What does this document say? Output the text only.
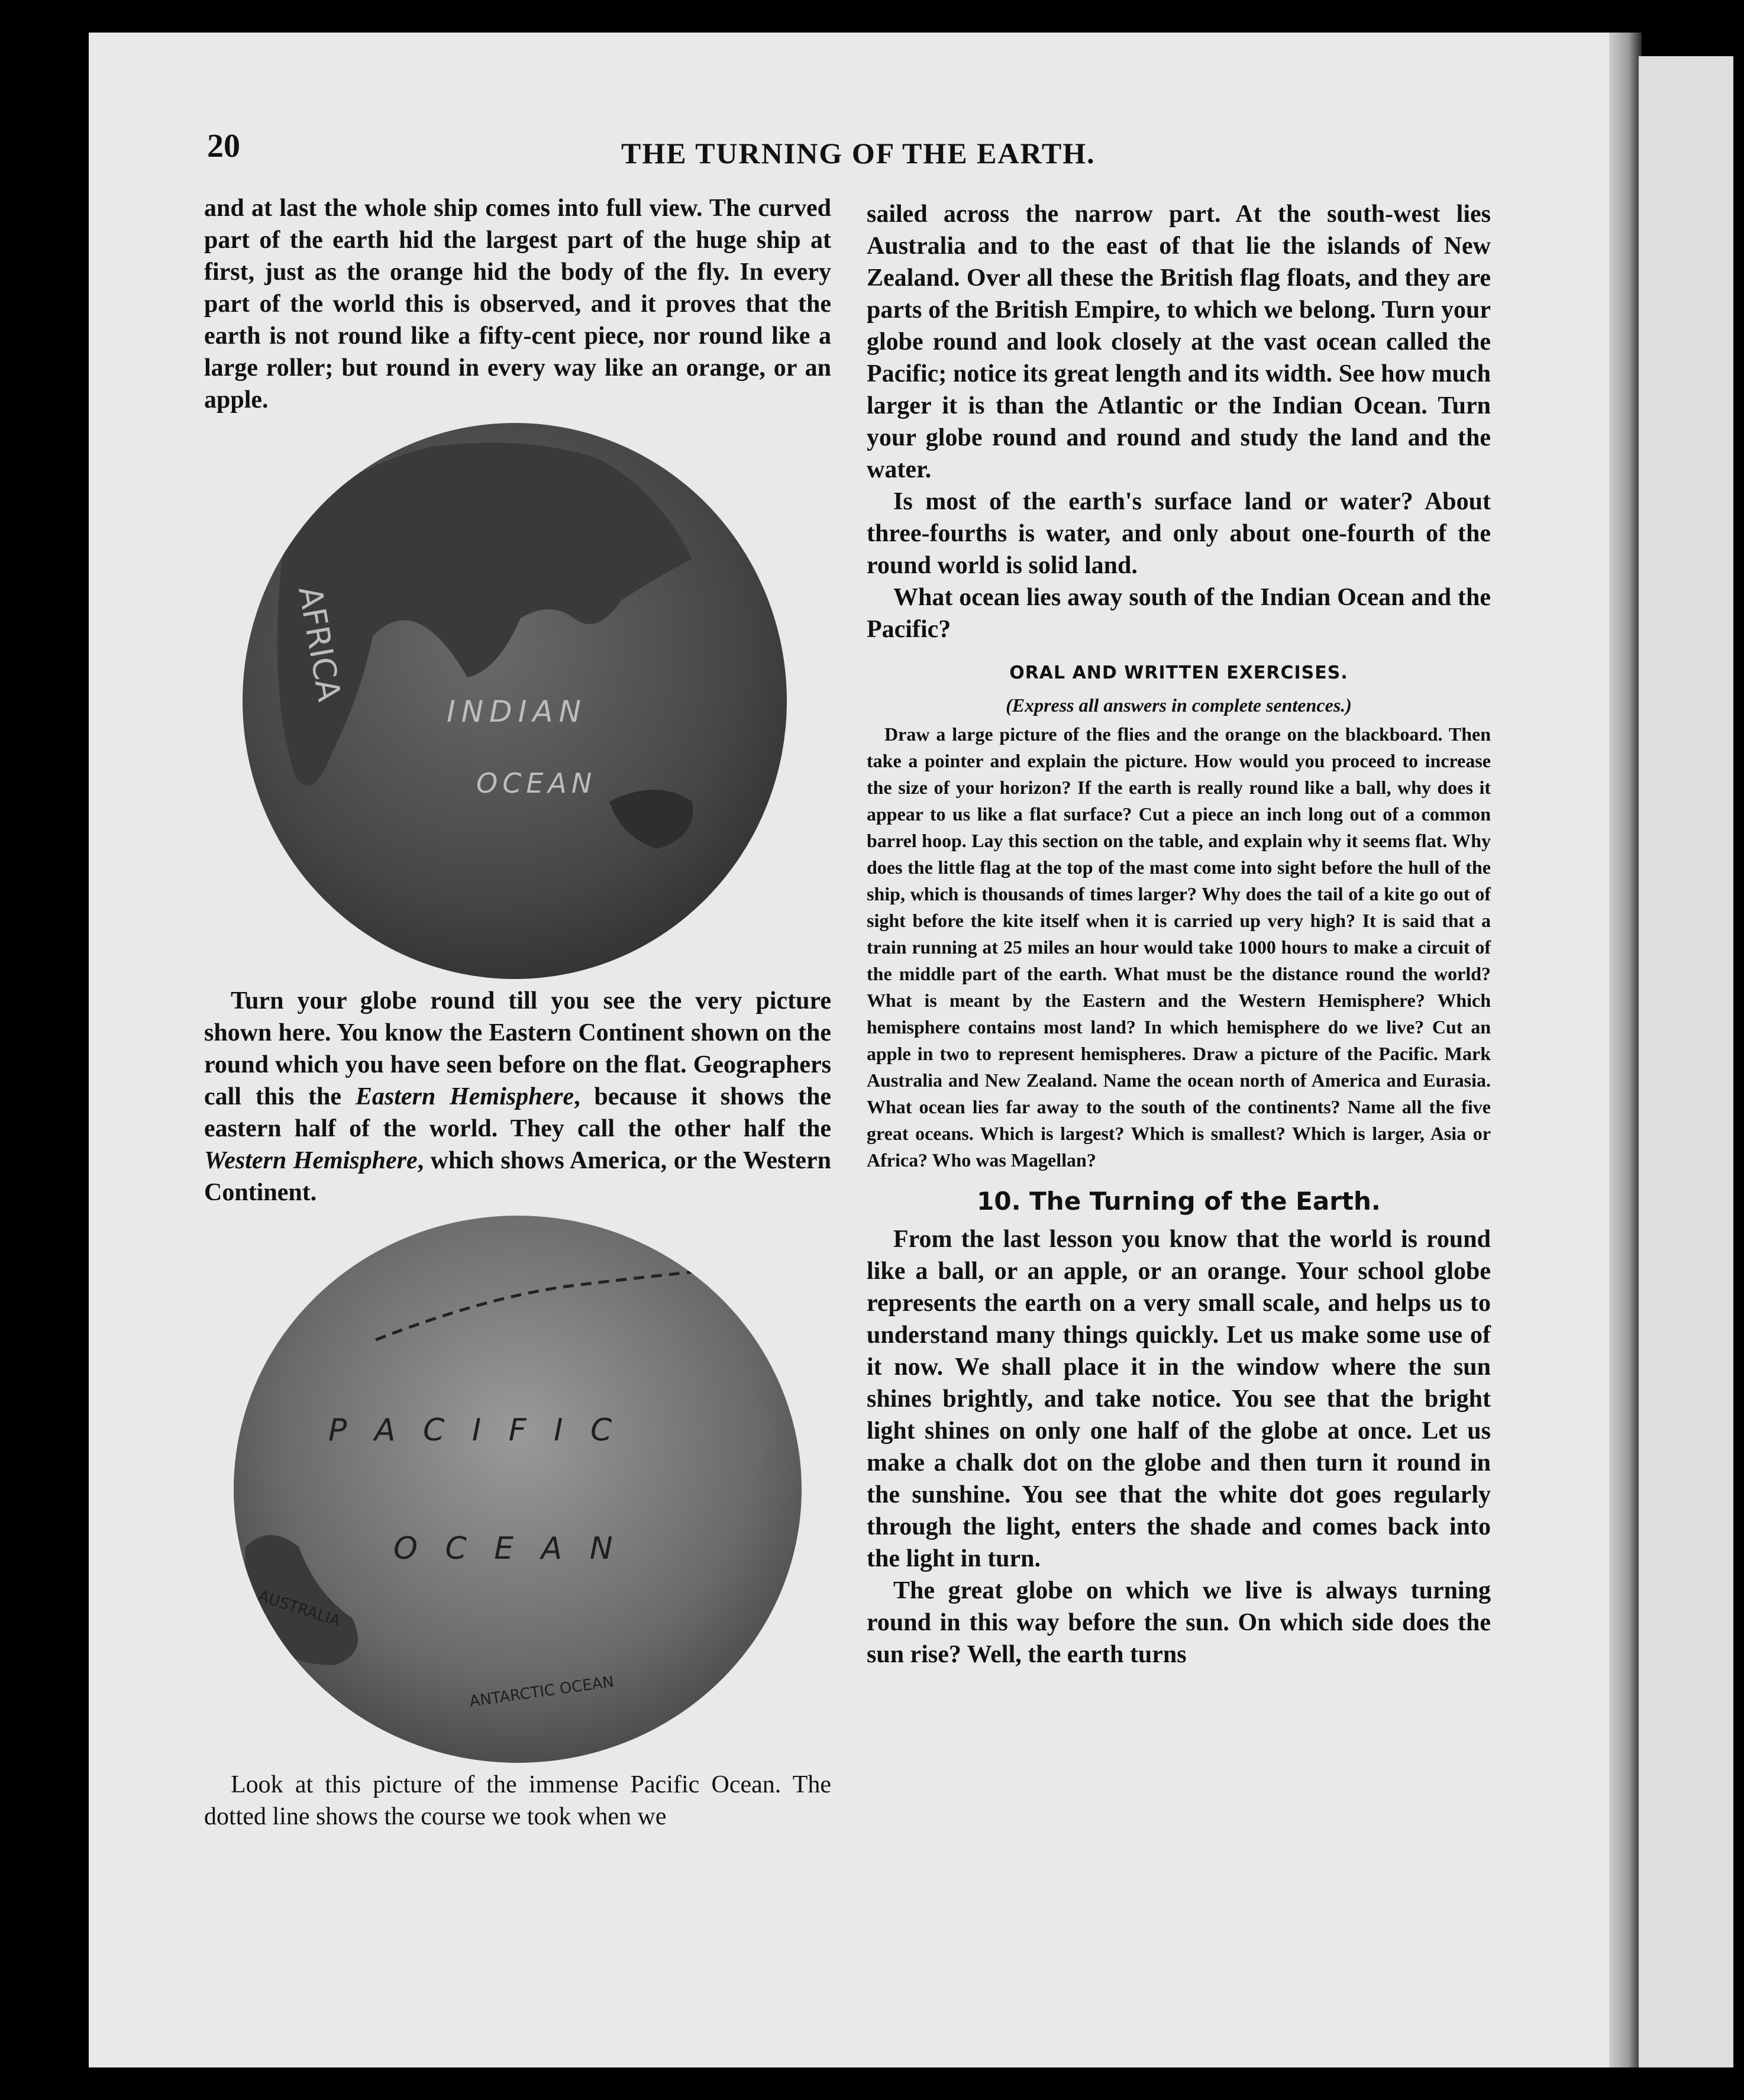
20	THE TURNING OF THE EARTH.

and at last the whole ship comes into full view. The curved part of the earth hid the largest part of the huge ship at first, just as the orange hid the body of the fly. In every part of the world this is observed, and it proves that the earth is not round like a fifty-cent piece, nor round like a large roller; but round in every way like an orange, or an apple.

AFRICA
INDIAN
OCEAN

Turn your globe round till you see the very picture shown here. You know the Eastern Continent shown on the round which you have seen before on the flat. Geographers call this the Eastern Hemisphere, because it shows the eastern half of the world. They call the other half the Western Hemisphere, which shows America, or the Western Continent.

P A C I F I C
O C E A N
AUSTRALIA
ANTARCTIC OCEAN

Look at this picture of the immense Pacific Ocean. The dotted line shows the course we took when we

sailed across the narrow part. At the south-west lies Australia and to the east of that lie the islands of New Zealand. Over all these the British flag floats, and they are parts of the British Empire, to which we belong. Turn your globe round and look closely at the vast ocean called the Pacific; notice its great length and its width. See how much larger it is than the Atlantic or the Indian Ocean. Turn your globe round and round and study the land and the water.

Is most of the earth's surface land or water? About three-fourths is water, and only about one-fourth of the round world is solid land.

What ocean lies away south of the Indian Ocean and the Pacific?

ORAL AND WRITTEN EXERCISES.
(Express all answers in complete sentences.)
Draw a large picture of the flies and the orange on the blackboard. Then take a pointer and explain the picture. How would you proceed to increase the size of your horizon? If the earth is really round like a ball, why does it appear to us like a flat surface? Cut a piece an inch long out of a common barrel hoop. Lay this section on the table, and explain why it seems flat. Why does the little flag at the top of the mast come into sight before the hull of the ship, which is thousands of times larger? Why does the tail of a kite go out of sight before the kite itself when it is carried up very high? It is said that a train running at 25 miles an hour would take 1000 hours to make a circuit of the middle part of the earth. What must be the distance round the world? What is meant by the Eastern and the Western Hemisphere? Which hemisphere contains most land? In which hemisphere do we live? Cut an apple in two to represent hemispheres. Draw a picture of the Pacific. Mark Australia and New Zealand. Name the ocean north of America and Eurasia. What ocean lies far away to the south of the continents? Name all the five great oceans. Which is largest? Which is smallest? Which is larger, Asia or Africa? Who was Magellan?
10. The Turning of the Earth.

From the last lesson you know that the world is round like a ball, or an apple, or an orange. Your school globe represents the earth on a very small scale, and helps us to understand many things quickly. Let us make some use of it now. We shall place it in the window where the sun shines brightly, and take notice. You see that the bright light shines on only one half of the globe at once. Let us make a chalk dot on the globe and then turn it round in the sunshine. You see that the white dot goes regularly through the light, enters the shade and comes back into the light in turn.

The great globe on which we live is always turning round in this way before the sun. On which side does the sun rise? Well, the earth turns
